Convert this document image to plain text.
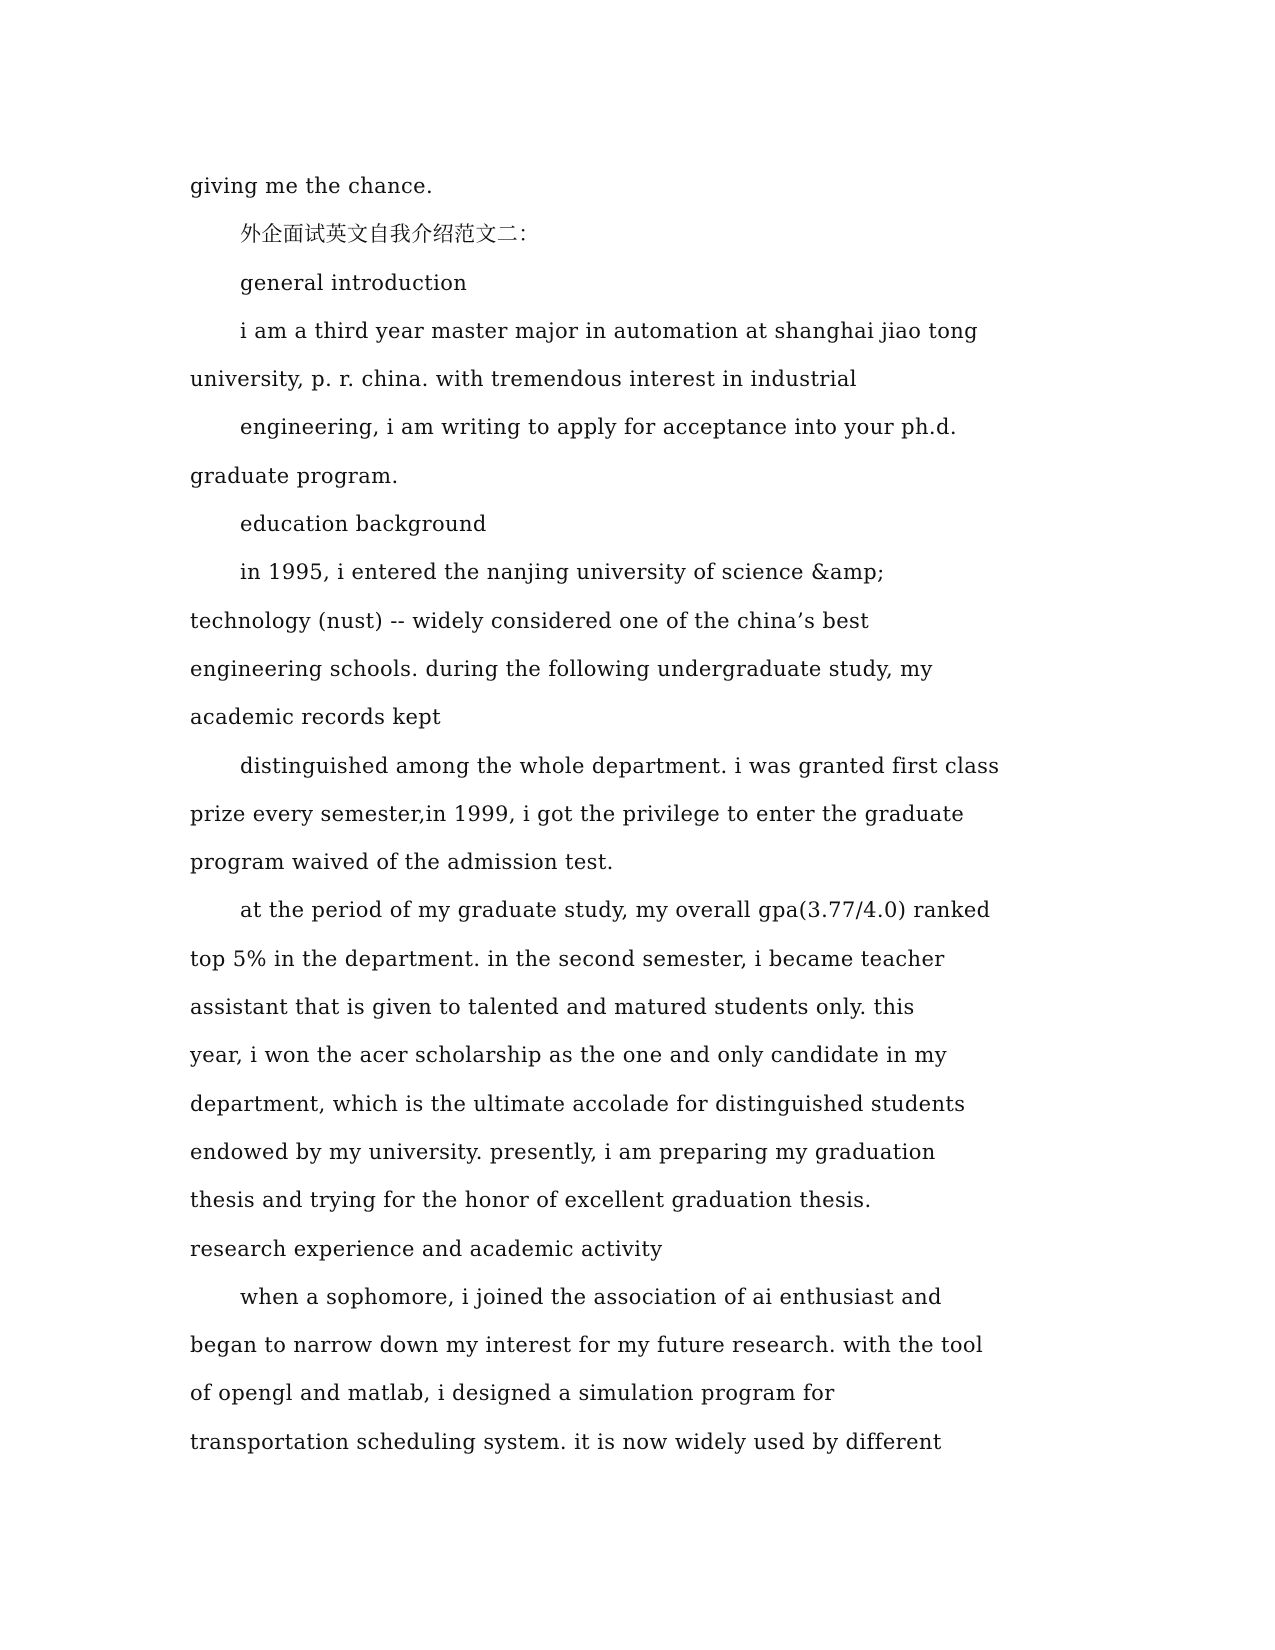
giving me the chance.
外企面试英文自我介绍范文二：
general introduction
i am a third year master major in automation at shanghai jiao tong
university, p. r. china. with tremendous interest in industrial
engineering, i am writing to apply for acceptance into your ph.d.
graduate program.
education background
in 1995, i entered the nanjing university of science &amp;
technology (nust) -- widely considered one of the china’s best
engineering schools. during the following undergraduate study, my
academic records kept
distinguished among the whole department. i was granted first class
prize every semester,in 1999, i got the privilege to enter the graduate
program waived of the admission test.
at the period of my graduate study, my overall gpa(3.77/4.0) ranked
top 5% in the department. in the second semester, i became teacher
assistant that is given to talented and matured students only. this
year, i won the acer scholarship as the one and only candidate in my
department, which is the ultimate accolade for distinguished students
endowed by my university. presently, i am preparing my graduation
thesis and trying for the honor of excellent graduation thesis.
research experience and academic activity
when a sophomore, i joined the association of ai enthusiast and
began to narrow down my interest for my future research. with the tool
of opengl and matlab, i designed a simulation program for
transportation scheduling system. it is now widely used by different
